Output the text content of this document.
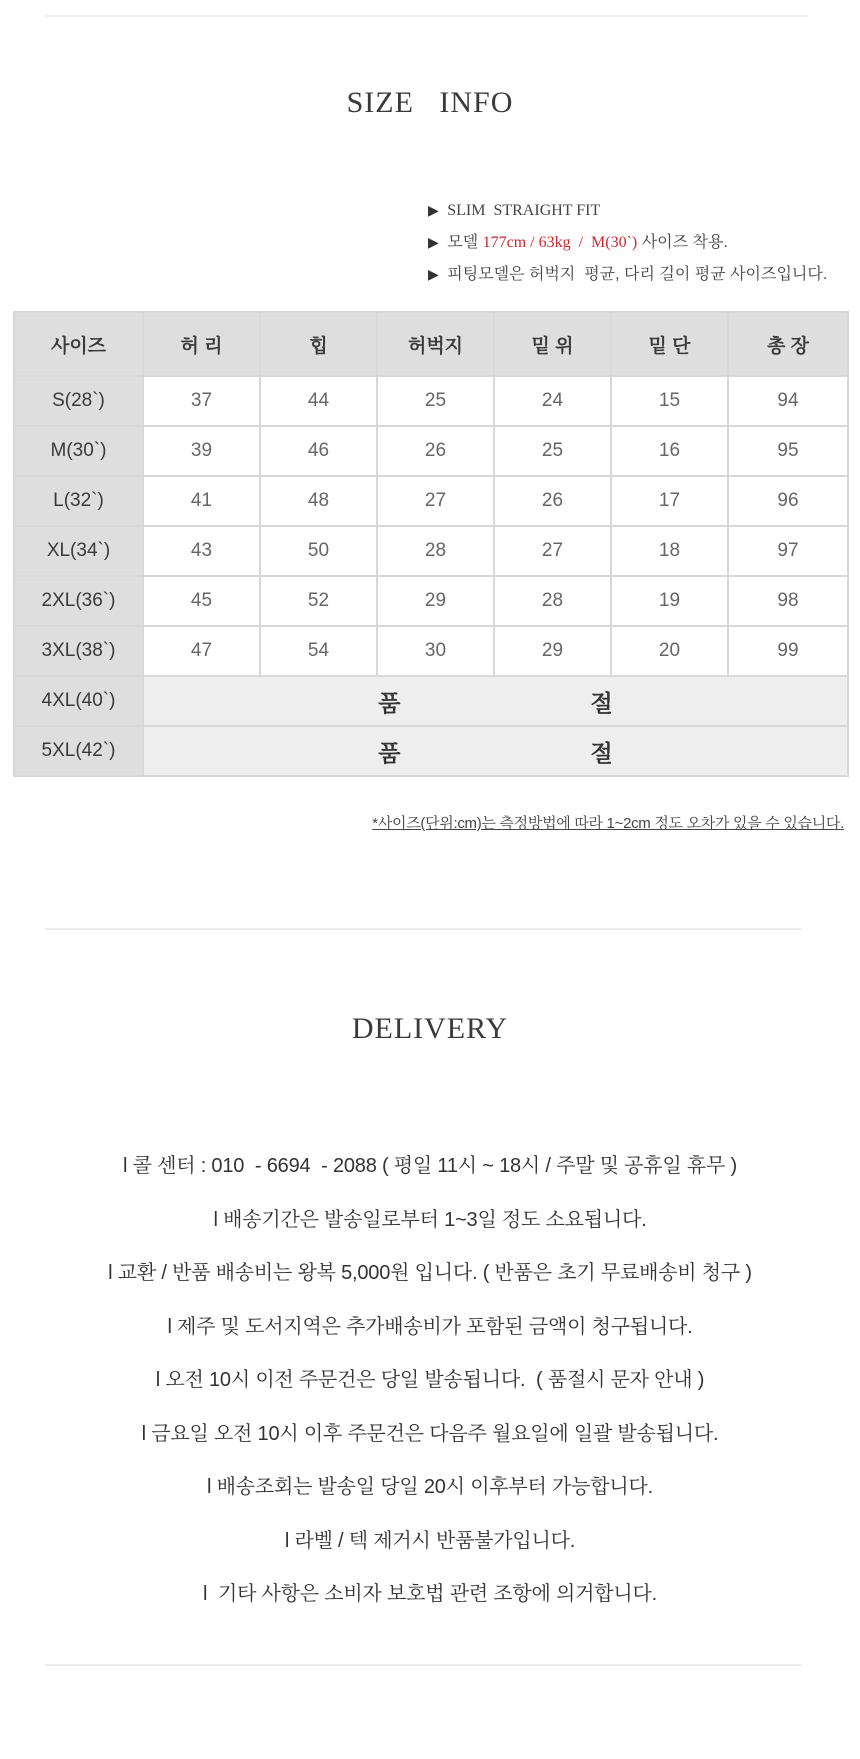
SIZE   INFO
▶ SLIM  STRAIGHT FIT
▶ 모델 177cm / 63kg  /  M(30`) 사이즈 착용.
▶ 피팅모델은 허벅지  평균, 다리 길이 평균 사이즈입니다.
사이즈	허 리	힙	허벅지	밑 위	밑 단	총 장
S(28`)	37	44	25	24	15	94
M(30`)	39	46	26	25	16	95
L(32`)	41	48	27	26	17	96
XL(34`)	43	50	28	27	18	97
2XL(36`)	45	52	29	28	19	98
3XL(38`)	47	54	30	29	20	99
4XL(40`)	품 절					

5XL(42`)	품 절					
*사이즈(단위:cm)는 측정방법에 따라 1~2cm 정도 오차가 있을 수 있습니다.
DELIVERY
l 콜 센터 : 010  - 6694  - 2088 ( 평일 11시 ~ 18시 / 주말 및 공휴일 휴무 )
l 배송기간은 발송일로부터 1~3일 정도 소요됩니다.
l 교환 / 반품 배송비는 왕복 5,000원 입니다. ( 반품은 초기 무료배송비 청구 )
l 제주 및 도서지역은 추가배송비가 포함된 금액이 청구됩니다.
l 오전 10시 이전 주문건은 당일 발송됩니다.  ( 품절시 문자 안내 )
l 금요일 오전 10시 이후 주문건은 다음주 월요일에 일괄 발송됩니다.
l 배송조회는 발송일 당일 20시 이후부터 가능합니다.
l 라벨 / 텍 제거시 반품불가입니다.
l  기타 사항은 소비자 보호법 관련 조항에 의거합니다.
